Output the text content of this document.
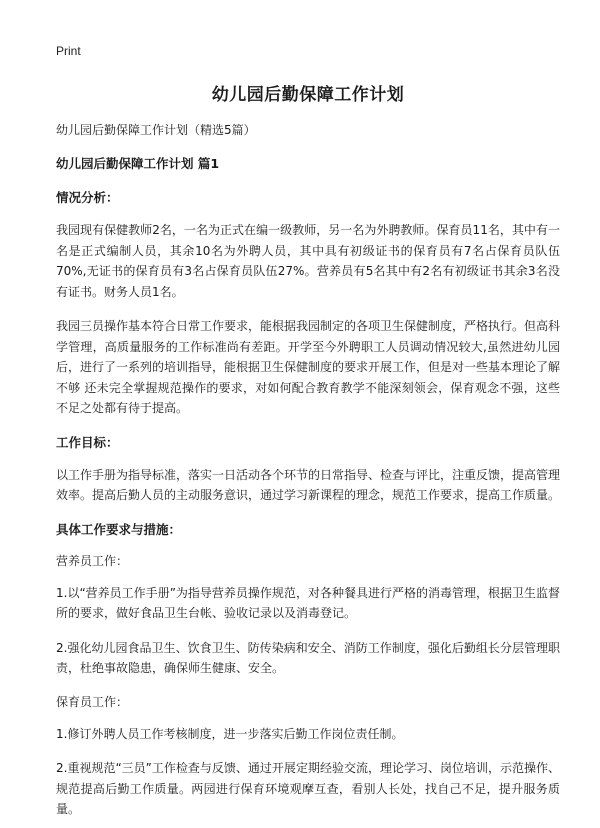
Print
幼儿园后勤保障工作计划
幼儿园后勤保障工作计划（精选5篇）
幼儿园后勤保障工作计划 篇1
情况分析：

我园现有保健教师2名，一名为正式在编一级教师，另一名为外聘教师。保育员11名，其中有一名是正式编制人员，其余10名为外聘人员，其中具有初级证书的保育员有7名占保育员队伍70%,无证书的保育员有3名占保育员队伍27%。营养员有5名其中有2名有初级证书其余3名没有证书。财务人员1名。

我园三员操作基本符合日常工作要求，能根据我园制定的各项卫生保健制度，严格执行。但高科学管理，高质量服务的工作标准尚有差距。开学至今外聘职工人员调动情况较大,虽然进幼儿园后，进行了一系列的培训指导，能根据卫生保健制度的要求开展工作，但是对一些基本理论了解不够 还未完全掌握规范操作的要求，对如何配合教育教学不能深刻领会，保育观念不强，这些不足之处都有待于提高。

工作目标：

以工作手册为指导标准，落实一日活动各个环节的日常指导、检查与评比，注重反馈，提高管理效率。提高后勤人员的主动服务意识，通过学习新课程的理念，规范工作要求，提高工作质量。

具体工作要求与措施：
营养员工作：

1.以“营养员工作手册”为指导营养员操作规范，对各种餐具进行严格的消毒管理，根据卫生监督所的要求，做好食品卫生台帐、验收记录以及消毒登记。

2.强化幼儿园食品卫生、饮食卫生、防传染病和安全、消防工作制度，强化后勤组长分层管理职责，杜绝事故隐患，确保师生健康、安全。

保育员工作：

1.修订外聘人员工作考核制度，进一步落实后勤工作岗位责任制。

2.重视规范“三员”工作检查与反馈、通过开展定期经验交流，理论学习、岗位培训，示范操作、规范提高后勤工作质量。两园进行保育环境观摩互查，看别人长处，找自己不足，提升服务质量。
